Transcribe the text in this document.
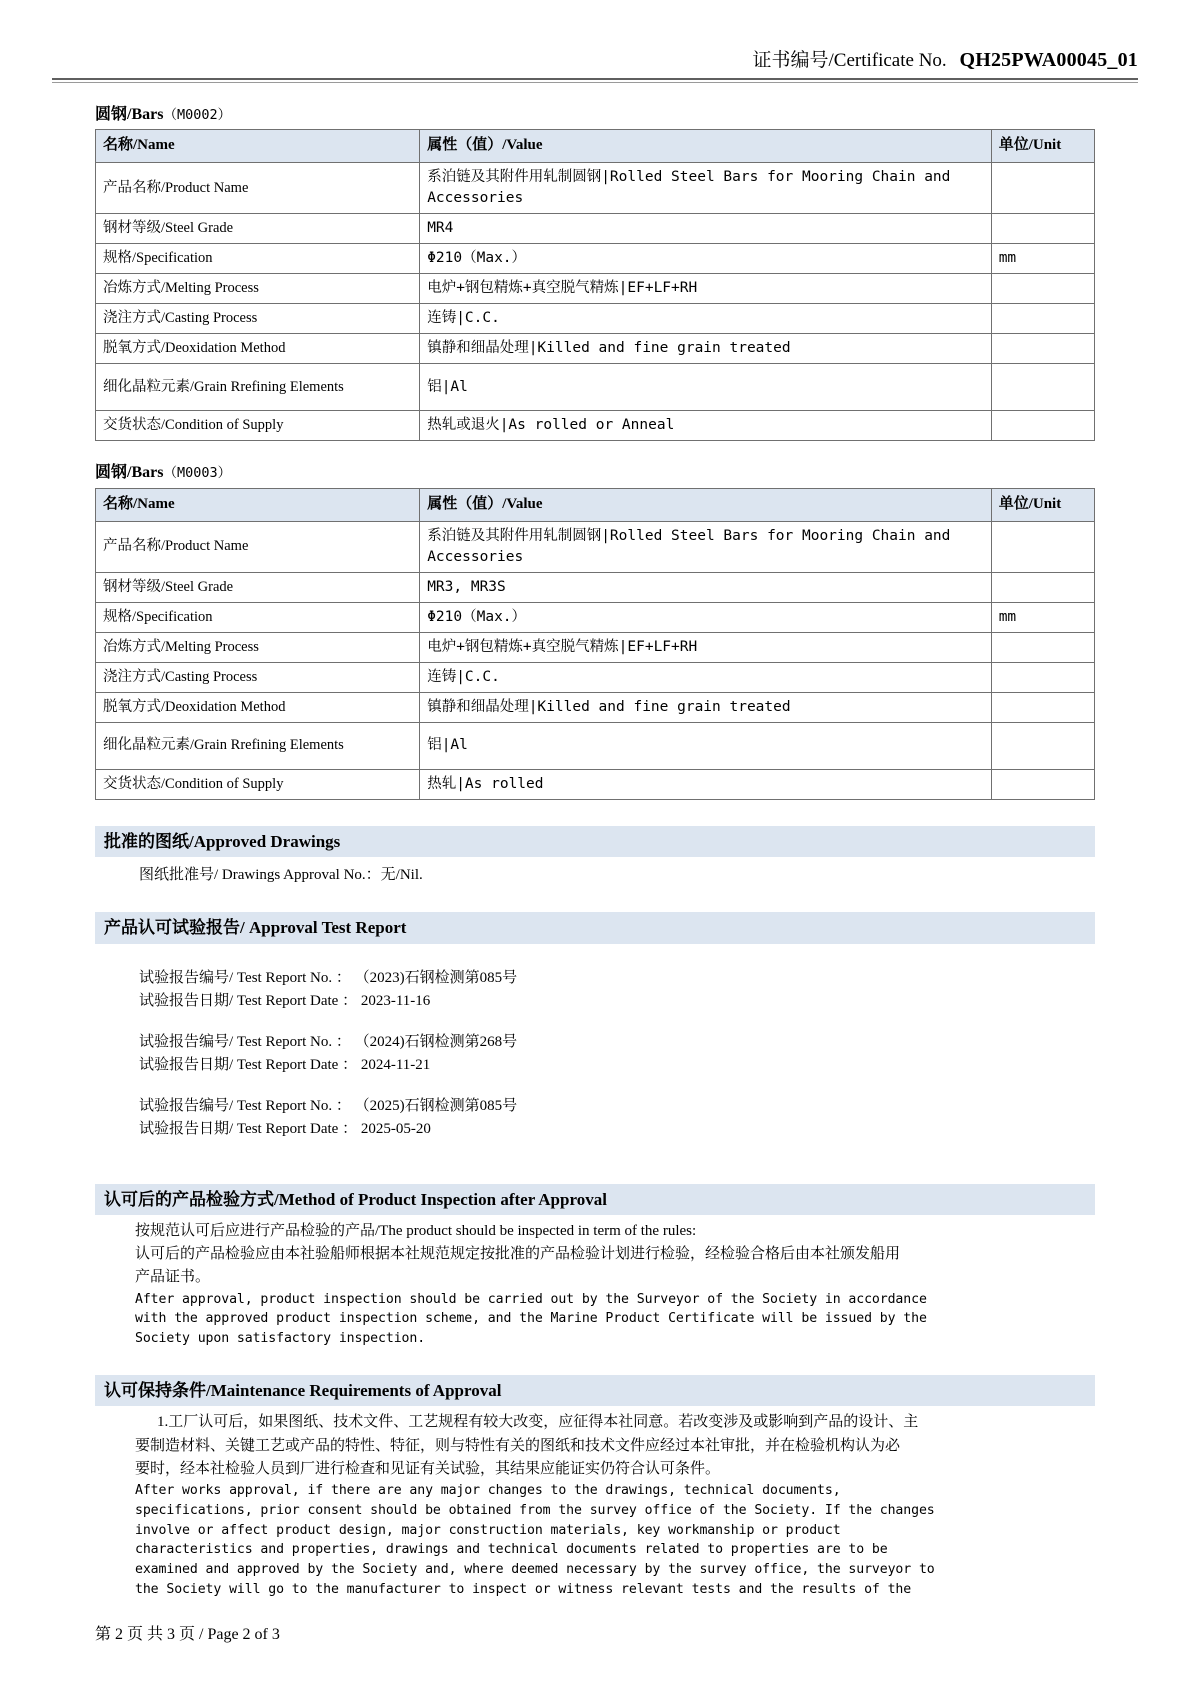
证书编号/Certificate No. QH25PWA00045_01
圆钢/Bars（M0002）
名称/Name	属性（值）/Value	单位/Unit
产品名称/Product Name	系泊链及其附件用轧制圆钢|Rolled Steel Bars for Mooring Chain and Accessories	
钢材等级/Steel Grade	MR4	
规格/Specification	Φ210（Max.）	mm
冶炼方式/Melting Process	电炉+钢包精炼+真空脱气精炼|EF+LF+RH	
浇注方式/Casting Process	连铸|C.C.	
脱氧方式/Deoxidation Method	镇静和细晶处理|Killed and fine grain treated	
细化晶粒元素/Grain Rrefining Elements	铝|Al	
交货状态/Condition of Supply	热轧或退火|As rolled or Anneal	
圆钢/Bars（M0003）
名称/Name	属性（值）/Value	单位/Unit
产品名称/Product Name	系泊链及其附件用轧制圆钢|Rolled Steel Bars for Mooring Chain and Accessories	
钢材等级/Steel Grade	MR3, MR3S	
规格/Specification	Φ210（Max.）	mm
冶炼方式/Melting Process	电炉+钢包精炼+真空脱气精炼|EF+LF+RH	
浇注方式/Casting Process	连铸|C.C.	
脱氧方式/Deoxidation Method	镇静和细晶处理|Killed and fine grain treated	
细化晶粒元素/Grain Rrefining Elements	铝|Al	
交货状态/Condition of Supply	热轧|As rolled	
批准的图纸/Approved Drawings
图纸批准号/ Drawings Approval No.：无/Nil.
产品认可试验报告/ Approval Test Report
试验报告编号/ Test Report No. ： （2023)石钢检测第085号
试验报告日期/ Test Report Date ： 2023-11-16
试验报告编号/ Test Report No. ： （2024)石钢检测第268号
试验报告日期/ Test Report Date ： 2024-11-21
试验报告编号/ Test Report No. ： （2025)石钢检测第085号
试验报告日期/ Test Report Date ： 2025-05-20
认可后的产品检验方式/Method of Product Inspection after Approval

按规范认可后应进行产品检验的产品/The product should be inspected in term of the rules:

认可后的产品检验应由本社验船师根据本社规范规定按批准的产品检验计划进行检验，经检验合格后由本社颁发船用

产品证书。

After approval, product inspection should be carried out by the Surveyor of the Society in accordance

with the approved product inspection scheme, and the Marine Product Certificate will be issued by the

Society upon satisfactory inspection.

认可保持条件/Maintenance Requirements of Approval

1.工厂认可后，如果图纸、技术文件、工艺规程有较大改变，应征得本社同意。若改变涉及或影响到产品的设计、主

要制造材料、关键工艺或产品的特性、特征，则与特性有关的图纸和技术文件应经过本社审批，并在检验机构认为必

要时，经本社检验人员到厂进行检查和见证有关试验，其结果应能证实仍符合认可条件。

After works approval, if there are any major changes to the drawings, technical documents,

specifications, prior consent should be obtained from the survey office of the Society. If the changes

involve or affect product design, major construction materials, key workmanship or product

characteristics and properties, drawings and technical documents related to properties are to be

examined and approved by the Society and, where deemed necessary by the survey office, the surveyor to

the Society will go to the manufacturer to inspect or witness relevant tests and the results of the

第 2 页 共 3 页 / Page 2 of 3
